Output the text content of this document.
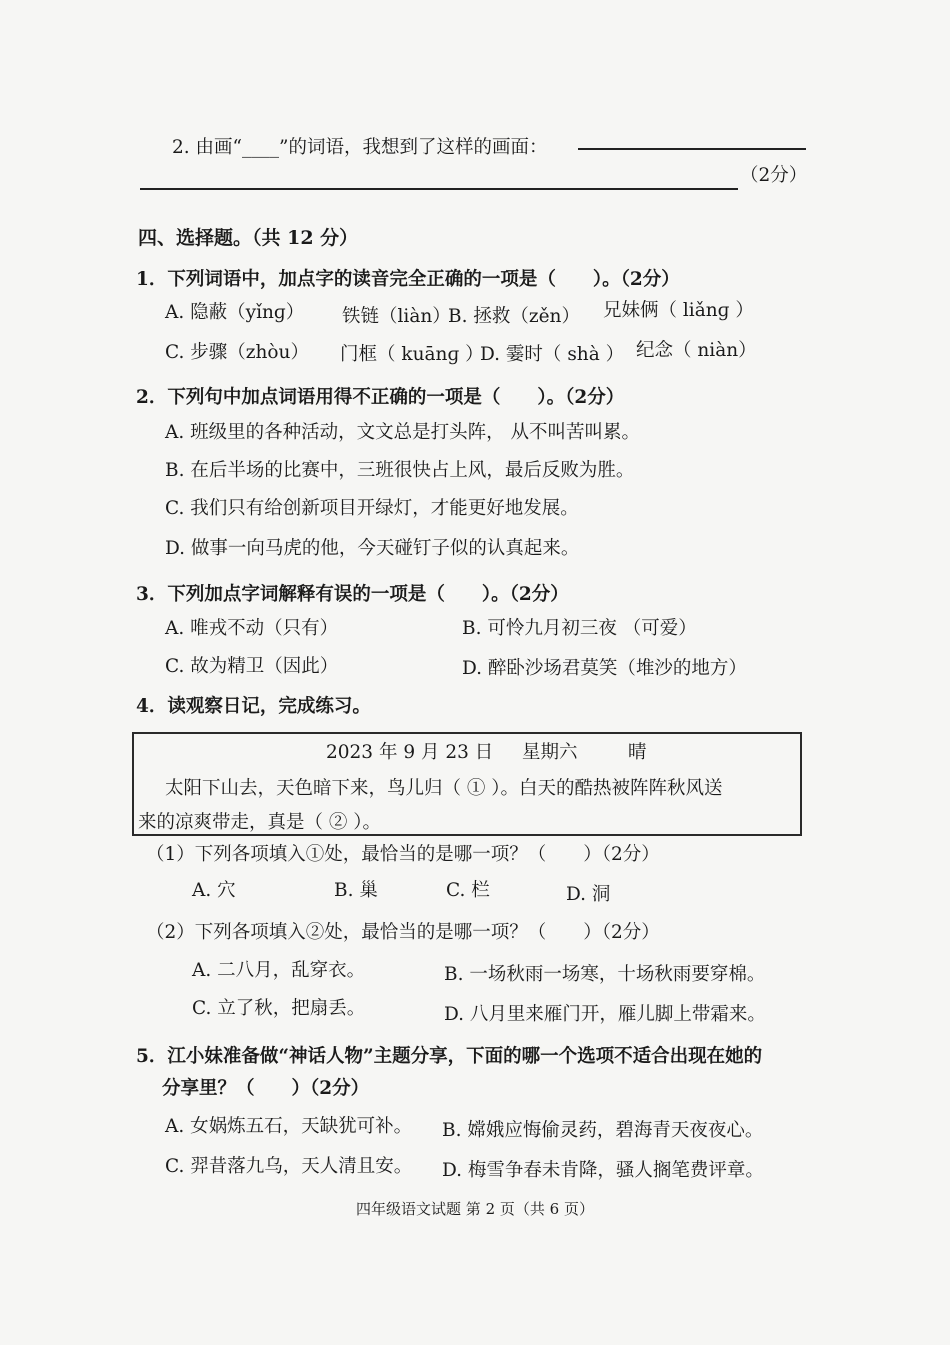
2. 由画“____”的词语，我想到了这样的画面：
（2分）
四、选择题。（共 12 分）
1．下列词语中，加点字的读音完全正确的一项是（　　）。（2分）
A. 隐蔽（yǐnɡ） 铁链（liàn）
B. 拯救（zěn） 兄妹俩（ liǎnɡ ）
C. 步骤（zhòu） 门框（ kuānɡ ）
D. 霎时（ shà ） 纪念（ niàn）
2．下列句中加点词语用得不正确的一项是（　　）。（2分）
A. 班级里的各种活动，文文总是打头阵， 从不叫苦叫累。
B. 在后半场的比赛中，三班很快占上风，最后反败为胜。
C. 我们只有给创新项目开绿灯，才能更好地发展。
D. 做事一向马虎的他，今天碰钉子似的认真起来。
3．下列加点字词解释有误的一项是（　　）。（2分）
A. 唯戎不动（只有）	B. 可怜九月初三夜 （可爱）
C. 故为精卫（因此）	D. 醉卧沙场君莫笑（堆沙的地方）
4．读观察日记，完成练习。
2023 年 9 月 23 日 星期六	晴
太阳下山去，天色暗下来，鸟儿归（ ① ）。白天的酷热被阵阵秋风送
来的凉爽带走，真是（ ② ）。
（1）下列各项填入①处，最恰当的是哪一项？（　　）（2分）
A. 穴	B. 巢	C. 栏	D. 洞
（2）下列各项填入②处，最恰当的是哪一项？（　　）（2分）
A. 二八月，乱穿衣。	B. 一场秋雨一场寒，十场秋雨要穿棉。
C. 立了秋，把扇丢。	D. 八月里来雁门开，雁儿脚上带霜来。
5．江小妹准备做“神话人物”主题分享，下面的哪一个选项不适合出现在她的
分享里？（　　）（2分）
A. 女娲炼五石，天缺犹可补。 B. 嫦娥应悔偷灵药，碧海青天夜夜心。
C. 羿昔落九乌，天人清且安。 D. 梅雪争春未肯降，骚人搁笔费评章。
四年级语文试题 第 2 页（共 6 页）
